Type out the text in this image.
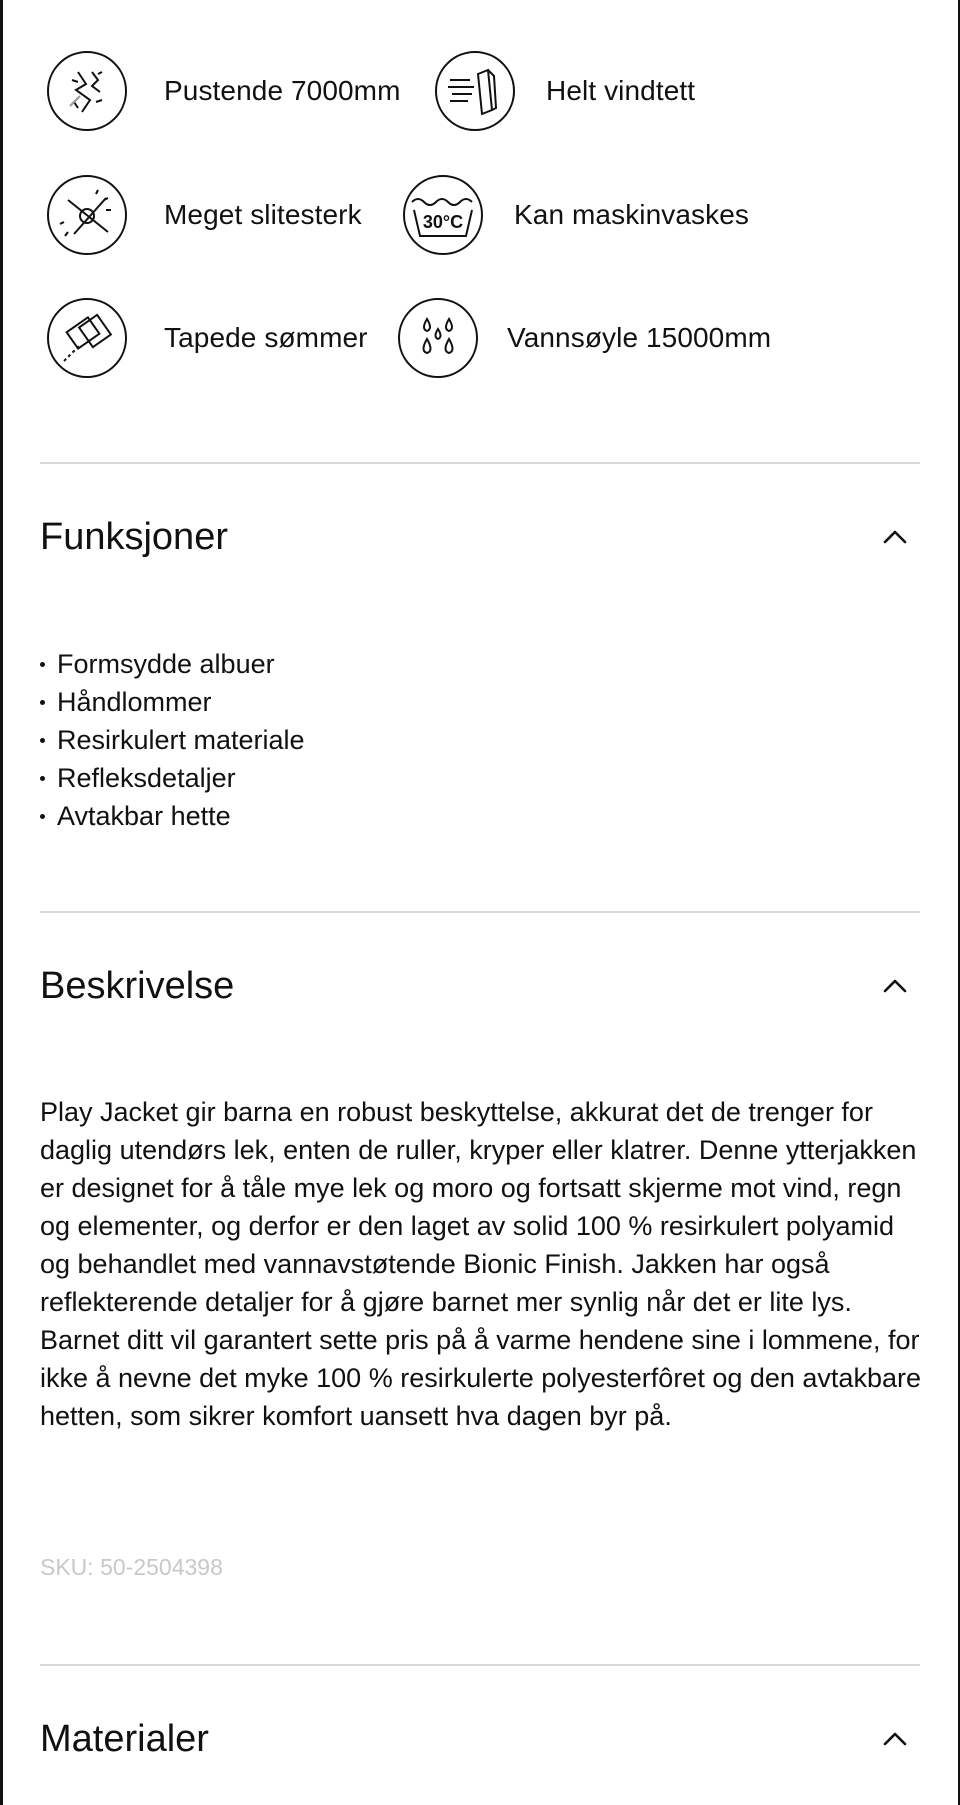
Pustende 7000mm	Helt vindtett
Meget slitesterk	30°C Kan maskinvaskes
Tapede sømmer	Vannsøyle 15000mm
Funksjoner
Formsydde albuer
Håndlommer
Resirkulert materiale
Refleksdetaljer
Avtakbar hette
Beskrivelse

Play Jacket gir barna en robust beskyttelse, akkurat det de trenger for daglig utendørs lek, enten de ruller, kryper eller klatrer. Denne ytterjakken er designet for å tåle mye lek og moro og fortsatt skjerme mot vind, regn og elementer, og derfor er den laget av solid 100 % resirkulert polyamid og behandlet med vannavstøtende Bionic Finish. Jakken har også reflekterende detaljer for å gjøre barnet mer synlig når det er lite lys. Barnet ditt vil garantert sette pris på å varme hendene sine i lommene, for ikke å nevne det myke 100 % resirkulerte polyesterfôret og den avtakbare hetten, som sikrer komfort uansett hva dagen byr på.

SKU: 50-2504398
Materialer
